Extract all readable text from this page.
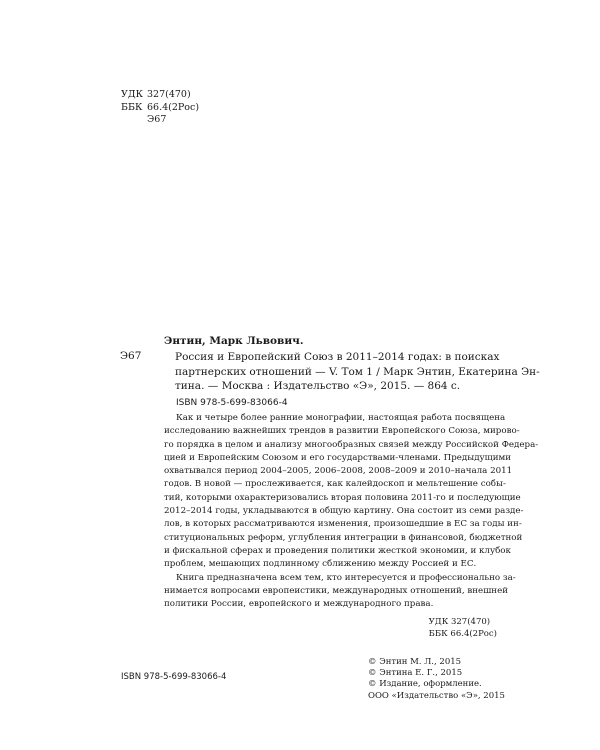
УДК 327(470)
ББК 66.4(2Рос)
Э67
Энтин, Марк Львович.
Э67	Россия и Европейский Союз в 2011–2014 годах: в поисках
партнерских отношений — V. Том 1 / Марк Энтин, Екатерина Эн-
тина. — Москва : Издательство «Э», 2015. — 864 с.
ISBN 978-5-699-83066-4
Как и четыре более ранние монографии, настоящая работа посвящена
исследованию важнейших трендов в развитии Европейского Союза, мирово-
го порядка в целом и анализу многообразных связей между Российской Федера-
цией и Европейским Союзом и его государствами-членами. Предыдущими
охватывался период 2004–2005, 2006–2008, 2008–2009 и 2010–начала 2011
годов. В новой — прослеживается, как калейдоскоп и мельтешение собы-
тий, которыми охарактеризовались вторая половина 2011-го и последующие
2012–2014 годы, укладываются в общую картину. Она состоит из семи разде-
лов, в которых рассматриваются изменения, произошедшие в ЕС за годы ин-
ституциональных реформ, углубления интеграции в финансовой, бюджетной
и фискальной сферах и проведения политики жесткой экономии, и клубок
проблем, мешающих подлинному сближению между Россией и ЕС.
Книга предназначена всем тем, кто интересуется и профессионально за-
нимается вопросами европеистики, международных отношений, внешней
политики России, европейского и международного права.
УДК 327(470)
ББК 66.4(2Рос)
© Энтин М. Л., 2015
© Энтина Е. Г., 2015
© Издание, оформление.
ООО «Издательство «Э», 2015
ISBN 978-5-699-83066-4
